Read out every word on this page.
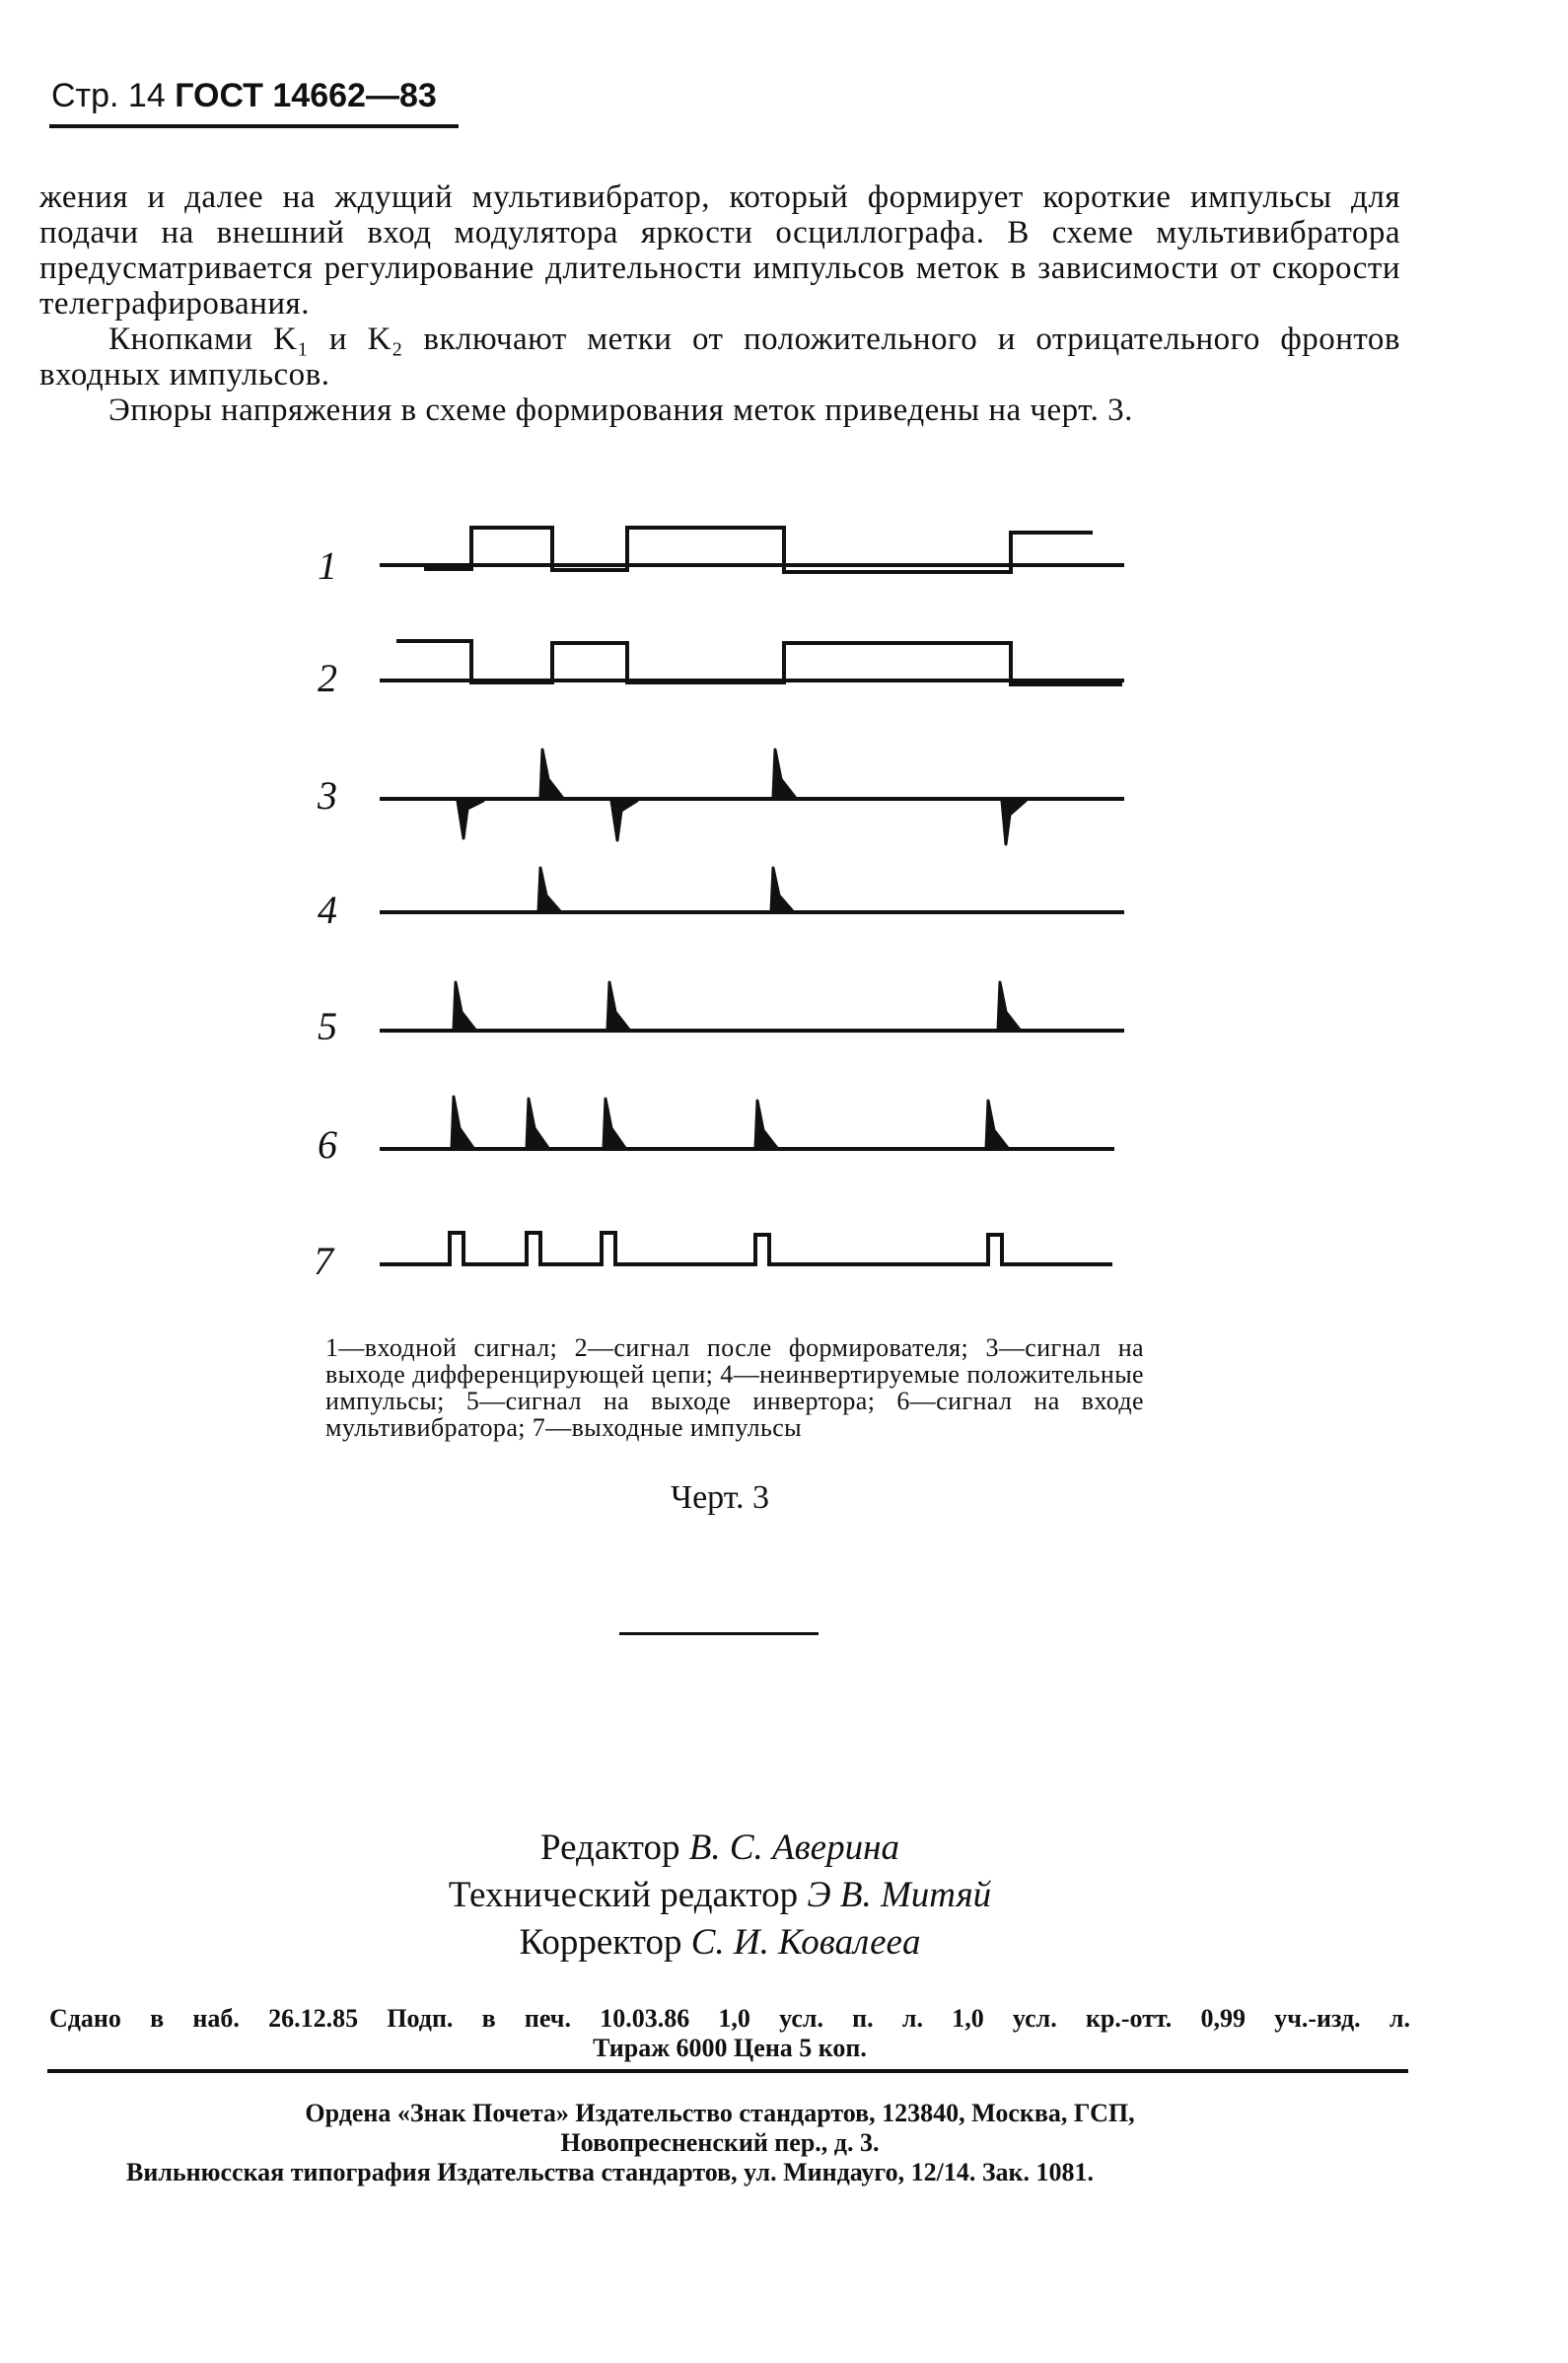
Стр. 14 ГОСТ 14662—83

жения и далее на ждущий мультивибратор, который формирует короткие импульсы для подачи на внешний вход модулятора яркости осциллографа. В схеме мультивибратора предусматривается регулирование длительности импульсов меток в зависимости от скорости телеграфирования.

Кнопками K₁ и K₂ включают метки от положительного и отрицательного фронтов входных импульсов.

Эпюры напряжения в схеме формирования меток приведены на черт. 3.

1
2
3
4
5
6
7
1—входной сигнал; 2—сигнал после формирователя; 3—сигнал на выходе дифференцирующей цепи; 4—неинвертируемые положительные импульсы; 5—сигнал на выходе инвертора; 6—сигнал на входе мультивибратора; 7—выходные импульсы
Черт. 3
Редактор В. С. Аверина
Технический редактор Э В. Митяй
Корректор С. И. Ковалеea
Сдано в наб. 26.12.85 Подп. в печ. 10.03.86 1,0 усл. п. л. 1,0 усл. кр.-отт. 0,99 уч.-изд. л.
Тираж 6000 Цена 5 коп.
Ордена «Знак Почета» Издательство стандартов, 123840, Москва, ГСП,
Новопресненский пер., д. 3.
Вильнюсская типография Издательства стандартов, ул. Миндауго, 12/14. Зак. 1081.
